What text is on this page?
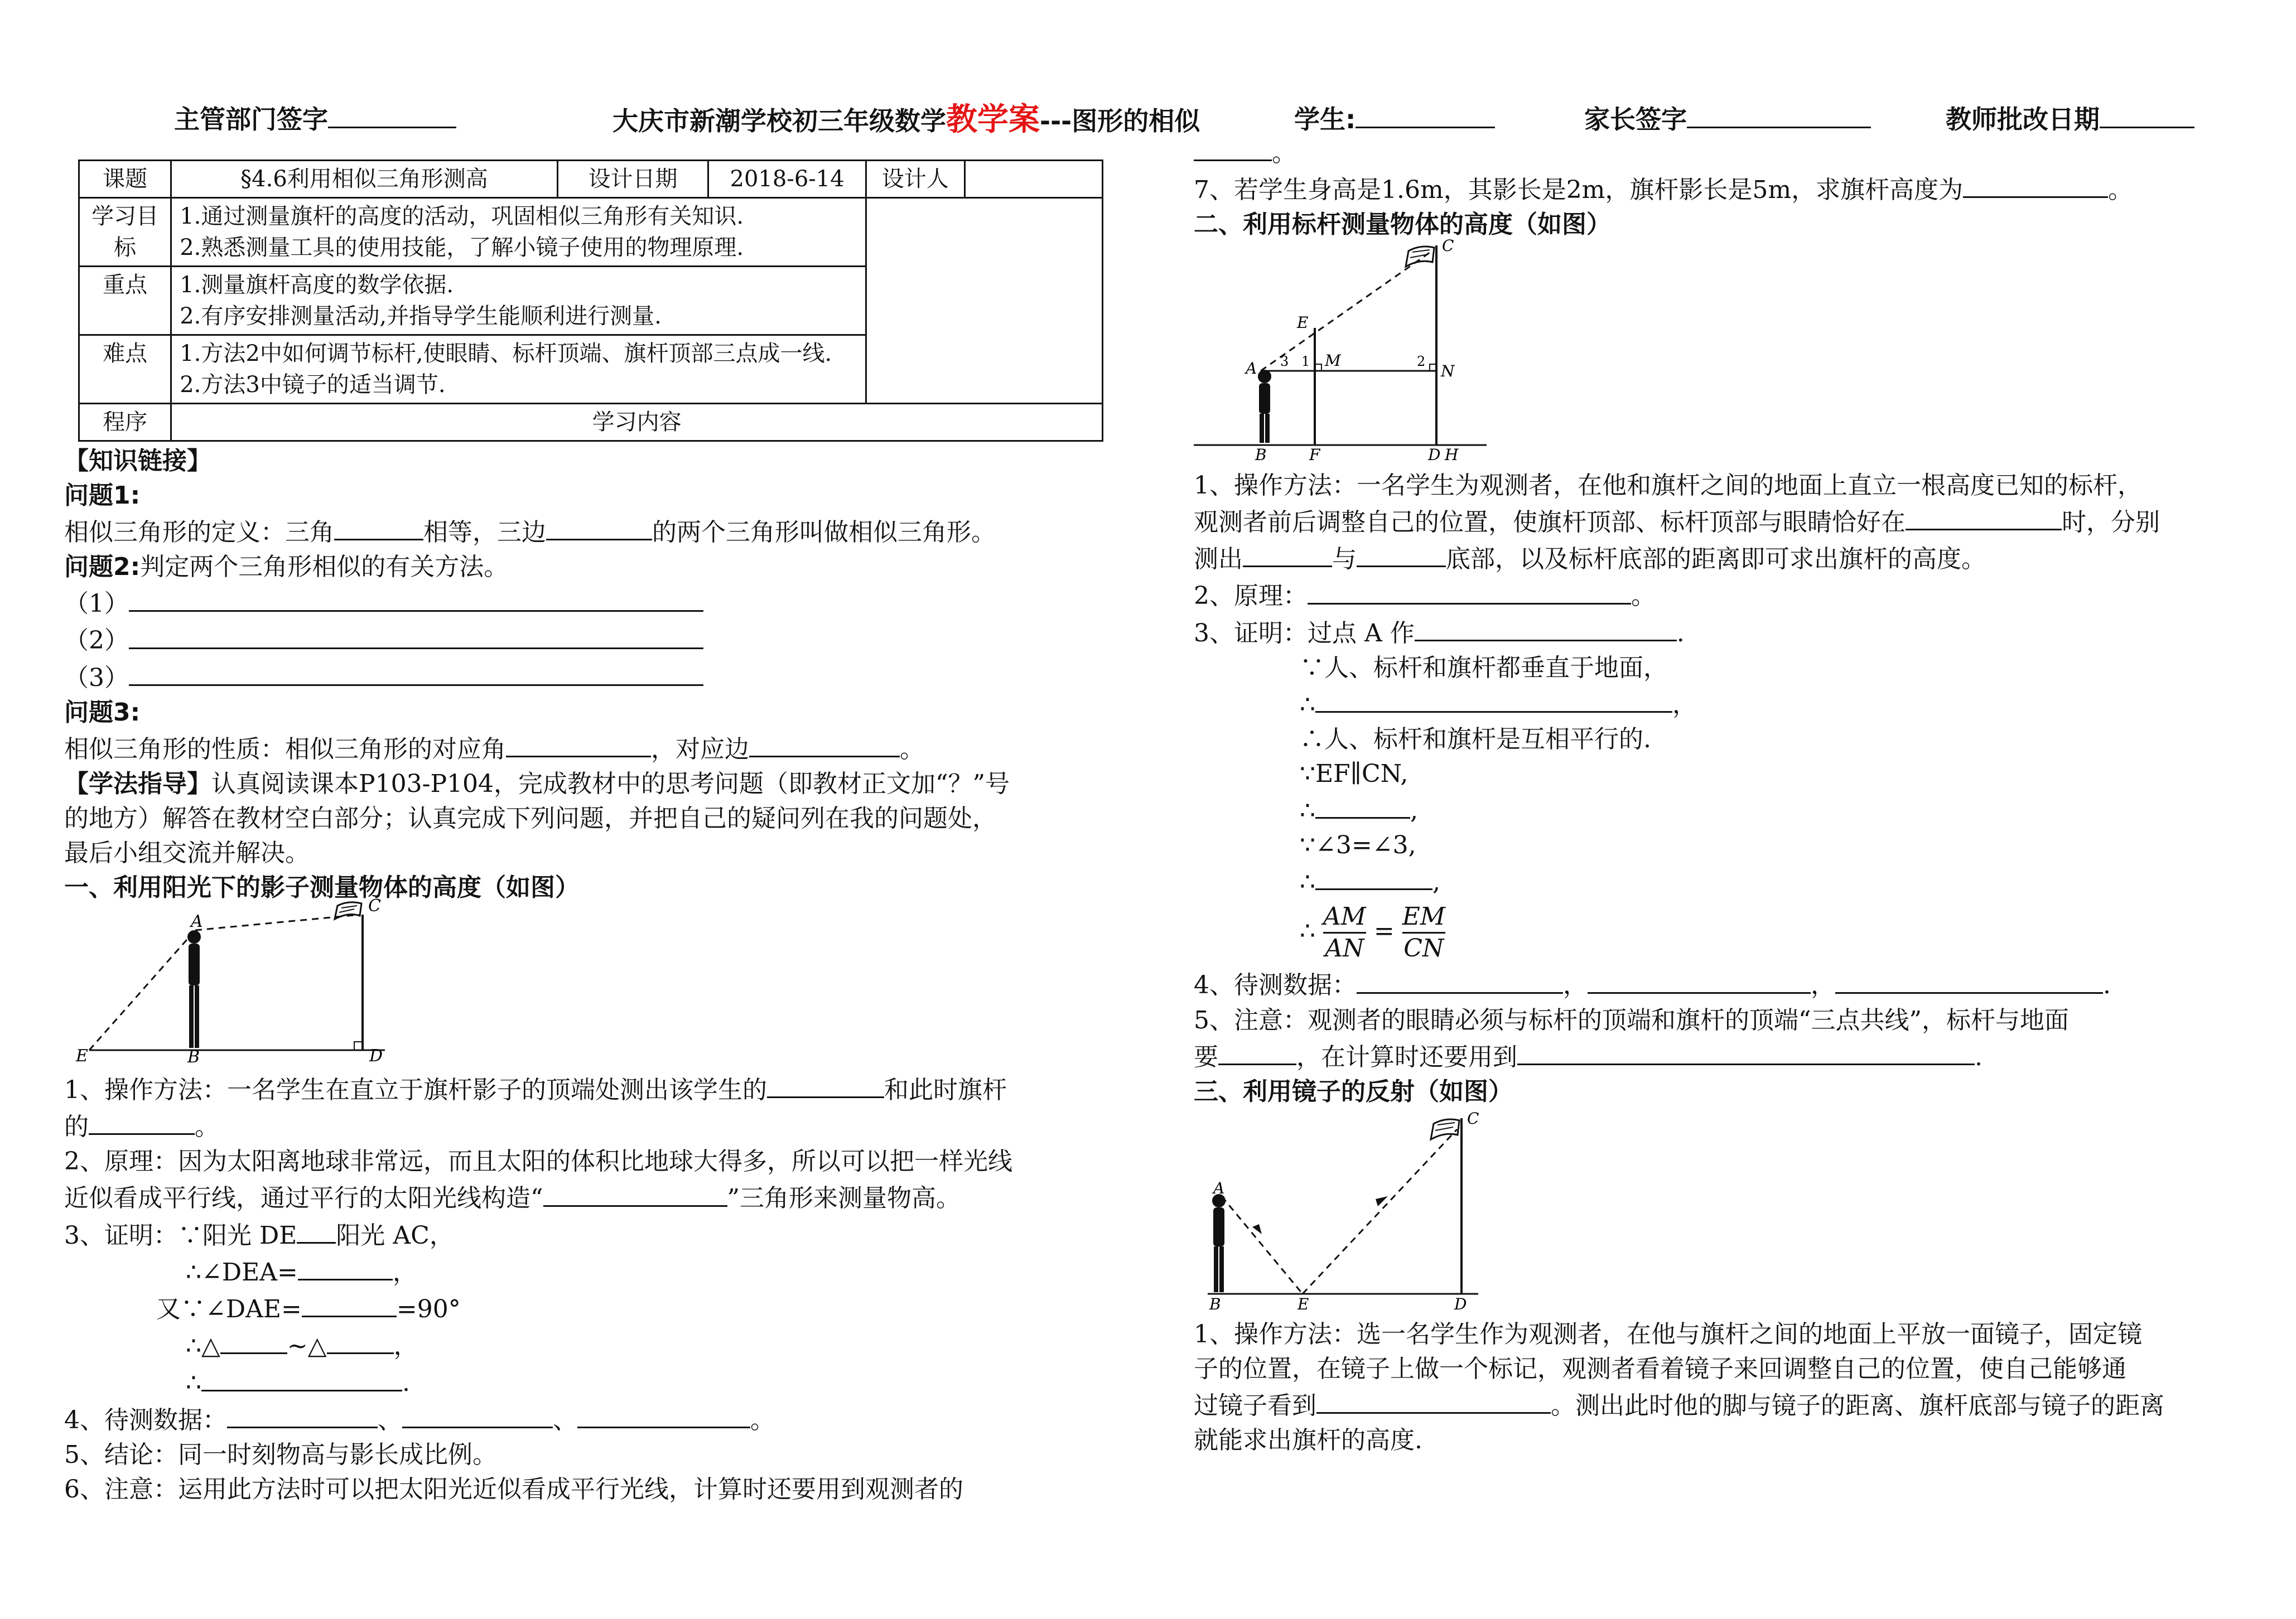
主管部门签字	大庆市新潮学校初三年级数学教学案---图形的相似	学生:	家长签字	教师批改日期
课题	§4.6利用相似三角形测高	设计日期	2018-6-14	设计人	
学习目标	1.通过测量旗杆的高度的活动，巩固相似三角形有关知识.
2.熟悉测量工具的使用技能，了解小镜子使用的物理原理.				

重点	1.测量旗杆高度的数学依据.
2.有序安排测量活动,并指导学生能顺利进行测量.				

难点	1.方法2中如何调节标杆,使眼睛、标杆顶端、旗杆顶部三点成一线.
2.方法3中镜子的适当调节.				

程序	学习内容				

【知识链接】

问题1:

相似三角形的定义：三角	相等，三边	的两个三角形叫做相似三角形。

问题2:判定两个三角形相似的有关方法。

（1）

（2）

（3）

问题3:

相似三角形的性质：相似三角形的对应角	，对应边	。

【学法指导】认真阅读课本P103-P104，完成教材中的思考问题（即教材正文加“？”号

的地方）解答在教材空白部分；认真完成下列问题，并把自己的疑问列在我的问题处，

最后小组交流并解决。

一、利用阳光下的影子测量物体的高度（如图）

A
C
E	B	D

1、操作方法：一名学生在直立于旗杆影子的顶端处测出该学生的	和此时旗杆

的	。

2、原理：因为太阳离地球非常远，而且太阳的体积比地球大得多，所以可以把一样光线

近似看成平行线，通过平行的太阳光线构造“	”三角形来测量物高。

3、证明：∵阳光 DE 阳光 AC，

∴∠DEA=	，

又∵∠DAE=	=90°

∴△	~△	，

∴	.

4、待测数据：	、	、	。

5、结论：同一时刻物高与影长成比例。

6、注意：运用此方法时可以把太阳光近似看成平行光线，计算时还要用到观测者的

。

7、若学生身高是1.6m，其影长是2m，旗杆影长是5m，求旗杆高度为	。

二、利用标杆测量物体的高度（如图）

C
E
A 3 1 M	2
N
B	F	D H

1、操作方法：一名学生为观测者，在他和旗杆之间的地面上直立一根高度已知的标杆，

观测者前后调整自己的位置，使旗杆顶部、标杆顶部与眼睛恰好在	时，分别

测出	与	底部，以及标杆底部的距离即可求出旗杆的高度。

2、原理：	。

3、证明：过点 A 作	.

∵人、标杆和旗杆都垂直于地面，

∴	，

∴人、标杆和旗杆是互相平行的.

∵EF∥CN,

∴	,

∵∠3=∠3,

∴	,

∴ $\frac{AM}{AN} = \frac{EM}{CN}$

4、待测数据：	，	，	.

5、注意：观测者的眼睛必须与标杆的顶端和旗杆的顶端“三点共线”，标杆与地面

要	，在计算时还要用到	.

三、利用镜子的反射（如图）

C
A
B	E	D

1、操作方法：选一名学生作为观测者，在他与旗杆之间的地面上平放一面镜子，固定镜

子的位置，在镜子上做一个标记，观测者看着镜子来回调整自己的位置，使自己能够通

过镜子看到	。测出此时他的脚与镜子的距离、旗杆底部与镜子的距离

就能求出旗杆的高度.
